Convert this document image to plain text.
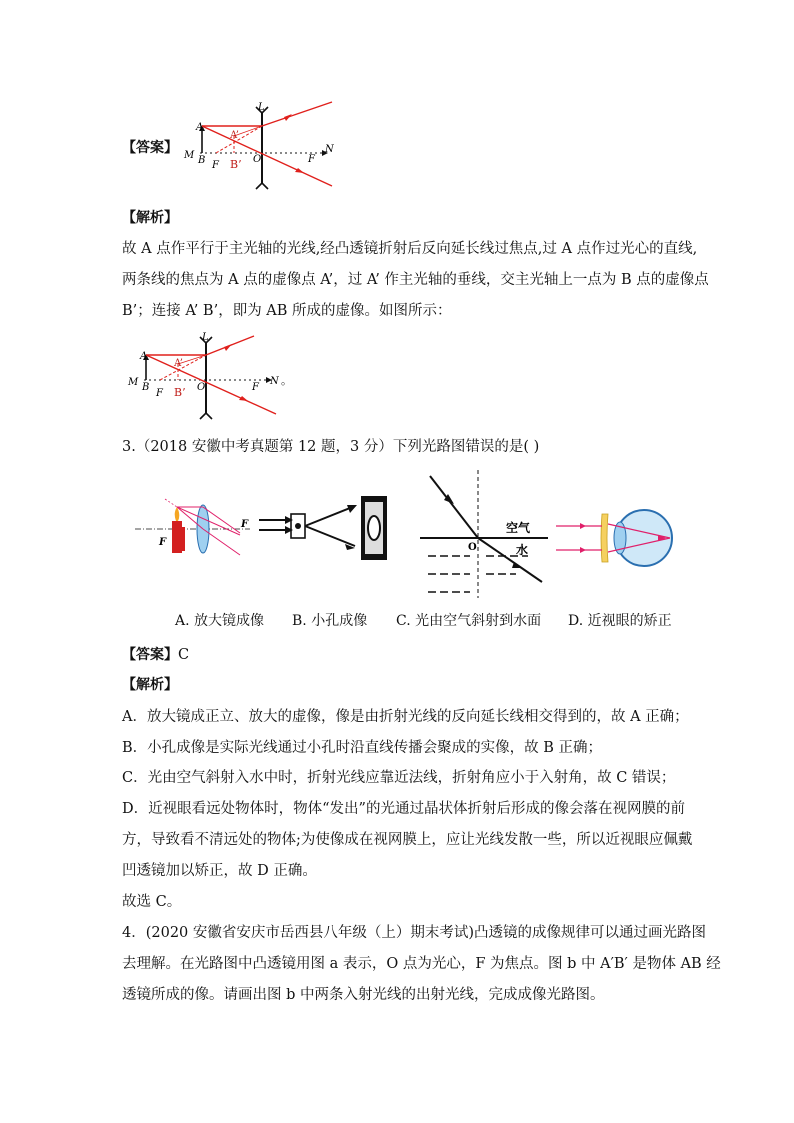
【答案】
L
A
A’
M B F B’ O	F
N
【解析】
故 A 点作平行于主光轴的光线,经凸透镜折射后反向延长线过焦点,过 A 点作过光心的直线,
两条线的焦点为 A 点的虚像点 A’，过 A’ 作主光轴的垂线，交主光轴上一点为 B 点的虚像点
B’；连接 A’ B’，即为 AB 所成的虚像。如图所示：
L
A
A’
M B
F B’ O	F
N 。
3.（2018 安徽中考真题第 12 题，3 分）下列光路图错误的是( )
F
F	空气
水
O
A. 放大镜成像 B. 小孔成像 C. 光由空气斜射到水面 D. 近视眼的矫正
【答案】C
【解析】
A．放大镜成正立、放大的虚像，像是由折射光线的反向延长线相交得到的，故 A 正确；
B．小孔成像是实际光线通过小孔时沿直线传播会聚成的实像，故 B 正确；
C．光由空气斜射入水中时，折射光线应靠近法线，折射角应小于入射角，故 C 错误；
D．近视眼看远处物体时，物体“发出”的光通过晶状体折射后形成的像会落在视网膜的前
方，导致看不清远处的物体;为使像成在视网膜上，应让光线发散一些，所以近视眼应佩戴
凹透镜加以矫正，故 D 正确。
故选 C。
4．(2020 安徽省安庆市岳西县八年级（上）期末考试)凸透镜的成像规律可以通过画光路图
去理解。在光路图中凸透镜用图 a 表示，O 点为光心，F 为焦点。图 b 中 A′B′ 是物体 AB 经
透镜所成的像。请画出图 b 中两条入射光线的出射光线，完成成像光路图。
